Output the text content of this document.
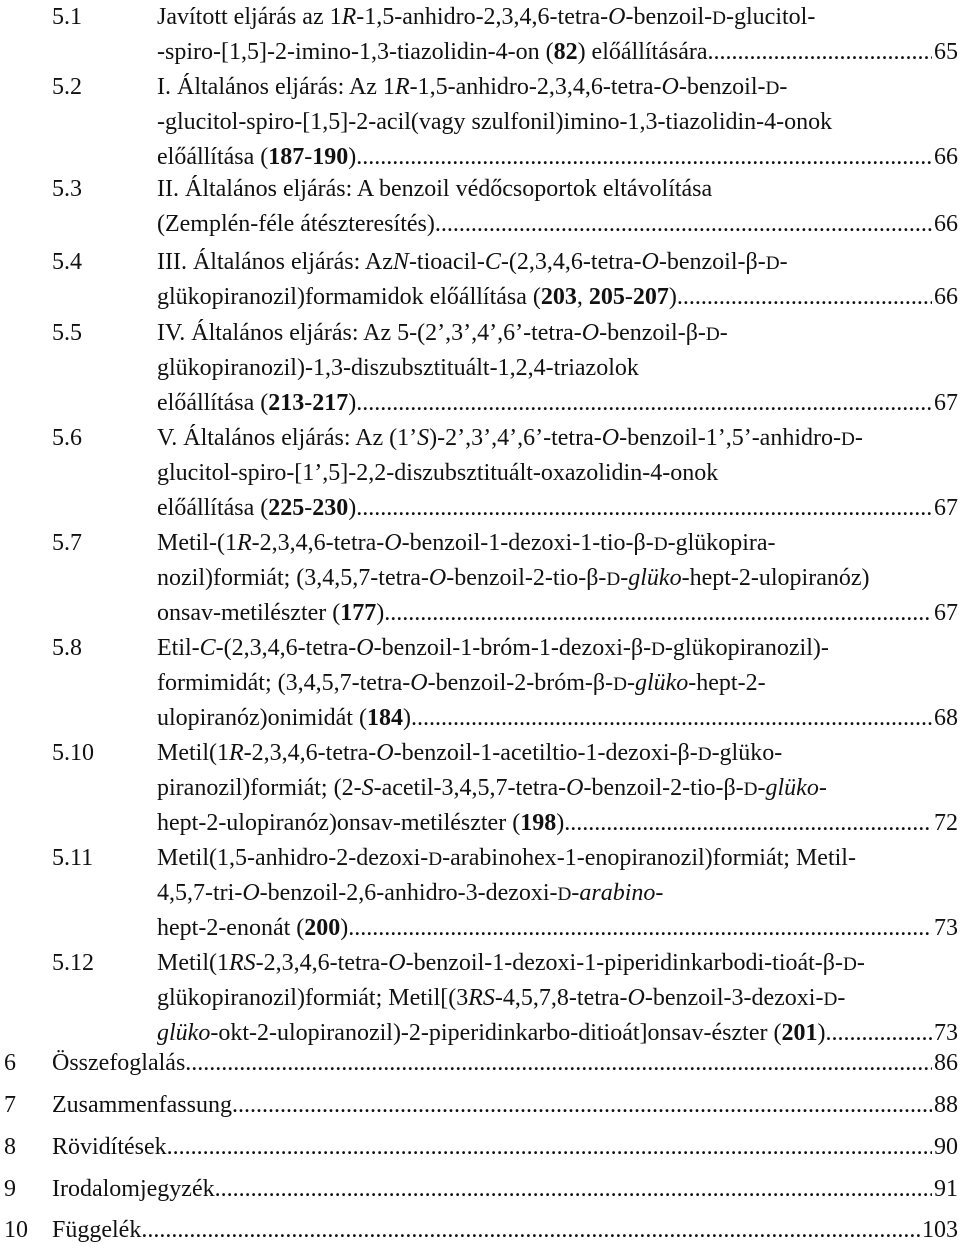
5.1	Javított eljárás az 1 R -1,5-anhidro-2,3,4,6-tetra- O -benzoil- D -glucitol-
-spiro-[1,5]-2-imino-1,3-tiazolidin-4-on (82) előállítására .....	65
5.2	I. Általános eljárás: Az 1 R -1,5-anhidro-2,3,4,6-tetra- O -benzoil- D -
-glucitol-spiro-[1,5]-2-acil(vagy szulfonil)imino-1,3-tiazolidin-4-onok
előállítása (187-190) .....	66
5.3	II. Általános eljárás: A benzoil védőcsoportok eltávolítása
(Zemplén-féle átészteresítés) .....	66
5.4	III. Általános eljárás: Az N -tioacil- C -(2,3,4,6-tetra- O -benzoil-β- D -
glükopiranozil)formamidok előállítása (203, 205-207) .....	66
5.5	IV. Általános eljárás: Az 5-(2’,3’,4’,6’-tetra- O -benzoil-β- D -
glükopiranozil)-1,3-diszubsztituált-1,2,4-triazolok
előállítása (213-217) .....	67
5.6	V. Általános eljárás: Az (1’ S )-2’,3’,4’,6’-tetra- O -benzoil-1’,5’-anhidro- D -
glucitol-spiro-[1’,5]-2,2-diszubsztituált-oxazolidin-4-onok
előállítása (225-230) .....	67
5.7	Metil-(1 R -2,3,4,6-tetra- O -benzoil-1-dezoxi-1-tio-β- D -glükopira-
nozil)formiát; (3,4,5,7-tetra- O -benzoil-2-tio-β- D - glüko -hept-2-ulopiranóz)
onsav-metilészter (177) .....	67
5.8	Etil- C -(2,3,4,6-tetra- O -benzoil-1-bróm-1-dezoxi-β- D -glükopiranozil)-
formimidát; (3,4,5,7-tetra- O -benzoil-2-bróm-β- D - glüko -hept-2-
ulopiranóz)onimidát (184) .....	68
5.10	Metil(1 R -2,3,4,6-tetra- O -benzoil-1-acetiltio-1-dezoxi-β- D -glüko-
piranozil)formiát; (2- S -acetil-3,4,5,7-tetra- O -benzoil-2-tio-β- D - glüko -
hept-2-ulopiranóz)onsav-metilészter (198) .....	72
5.11	Metil(1,5-anhidro-2-dezoxi- D -arabinohex-1-enopiranozil)formiát; Metil-
4,5,7-tri- O -benzoil-2,6-anhidro-3-dezoxi- D - arabino -
hept-2-enonát (200) .....	73
5.12	Metil(1 RS -2,3,4,6-tetra- O -benzoil-1-dezoxi-1-piperidinkarbodi-tioát-β- D -
glükopiranozil)formiát; Metil[(3 RS -4,5,7,8-tetra- O -benzoil-3-dezoxi- D -
glüko-okt-2-ulopiranozil)-2-piperidinkarbo-ditioát]onsav-észter (201) .....	73
6 Összefoglalás .....	86
7 Zusammenfassung .....	88
8 Rövidítések .....	90
9 Irodalomjegyzék .....	91
10 Függelék .....	103
